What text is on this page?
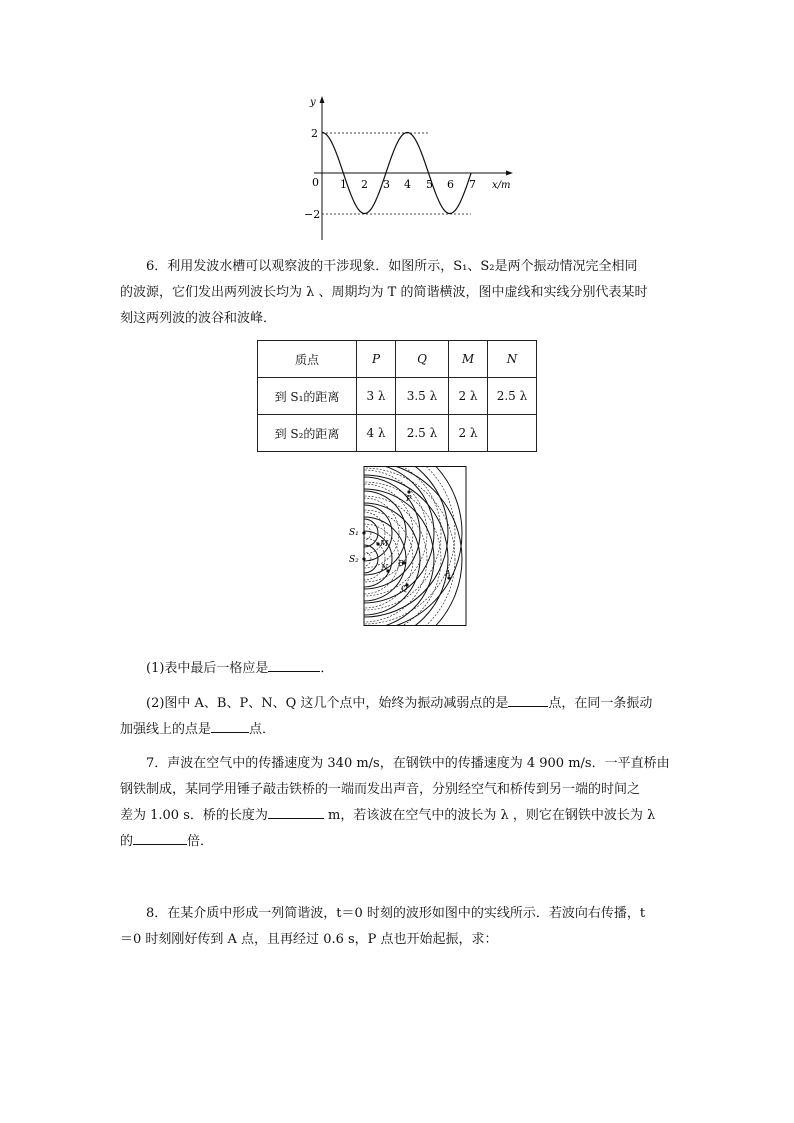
y
2
−2
0 1 2 3 4 5 6 7 x/m
6．利用发波水槽可以观察波的干涉现象．如图所示，S₁、S₂是两个振动情况完全相同
的波源，它们发出两列波长均为 λ 、周期均为 T 的简谐横波，图中虚线和实线分别代表某时
刻这两列波的波谷和波峰．
质点	P	Q	M	N
到 S₁的距离	3 λ	3.5 λ	2 λ	2.5 λ
到 S₂的距离	4 λ	2.5 λ	2 λ	
S₁
S₂
P
M
N B
Q
A
(1)表中最后一格应是	．
(2)图中 A、B、P、N、Q 这几个点中，始终为振动减弱点的是	点，在同一条振动
加强线上的点是	点．
7．声波在空气中的传播速度为 340 m/s，在钢铁中的传播速度为 4 900 m/s．一平直桥由
钢铁制成，某同学用锤子敲击铁桥的一端而发出声音，分别经空气和桥传到另一端的时间之
差为 1.00 s．桥的长度为	m，若该波在空气中的波长为 λ ，则它在钢铁中波长为 λ
的	倍．
8．在某介质中形成一列简谐波，t＝0 时刻的波形如图中的实线所示．若波向右传播，t
＝0 时刻刚好传到 A 点，且再经过 0.6 s，P 点也开始起振，求：
